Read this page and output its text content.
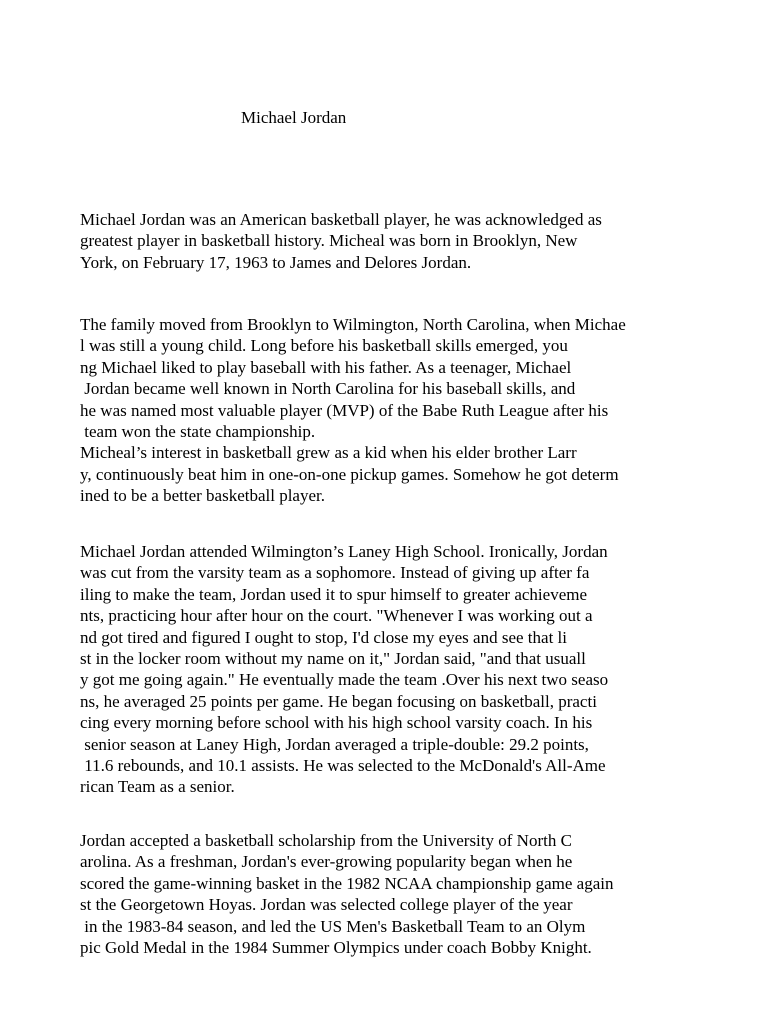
Michael Jordan
Michael Jordan was an American basketball player, he was acknowledged as
greatest player in basketball history. Micheal was born in Brooklyn, New
York, on February 17, 1963 to James and Delores Jordan.
The family moved from Brooklyn to Wilmington, North Carolina, when Michae
l was still a young child. Long before his basketball skills emerged, you
ng Michael liked to play baseball with his father. As a teenager, Michael
Jordan became well known in North Carolina for his baseball skills, and
he was named most valuable player (MVP) of the Babe Ruth League after his
team won the state championship.
Micheal’s interest in basketball grew as a kid when his elder brother Larr
y, continuously beat him in one-on-one pickup games. Somehow he got determ
ined to be a better basketball player.
Michael Jordan attended Wilmington’s Laney High School. Ironically, Jordan
was cut from the varsity team as a sophomore. Instead of giving up after fa
iling to make the team, Jordan used it to spur himself to greater achieveme
nts, practicing hour after hour on the court. "Whenever I was working out a
nd got tired and figured I ought to stop, I'd close my eyes and see that li
st in the locker room without my name on it," Jordan said, "and that usuall
y got me going again." He eventually made the team .Over his next two seaso
ns, he averaged 25 points per game. He began focusing on basketball, practi
cing every morning before school with his high school varsity coach. In his
senior season at Laney High, Jordan averaged a triple-double: 29.2 points,
11.6 rebounds, and 10.1 assists. He was selected to the McDonald's All-Ame
rican Team as a senior.
Jordan accepted a basketball scholarship from the University of North C
arolina. As a freshman, Jordan's ever-growing popularity began when he
scored the game-winning basket in the 1982 NCAA championship game again
st the Georgetown Hoyas. Jordan was selected college player of the year
in the 1983-84 season, and led the US Men's Basketball Team to an Olym
pic Gold Medal in the 1984 Summer Olympics under coach Bobby Knight.
